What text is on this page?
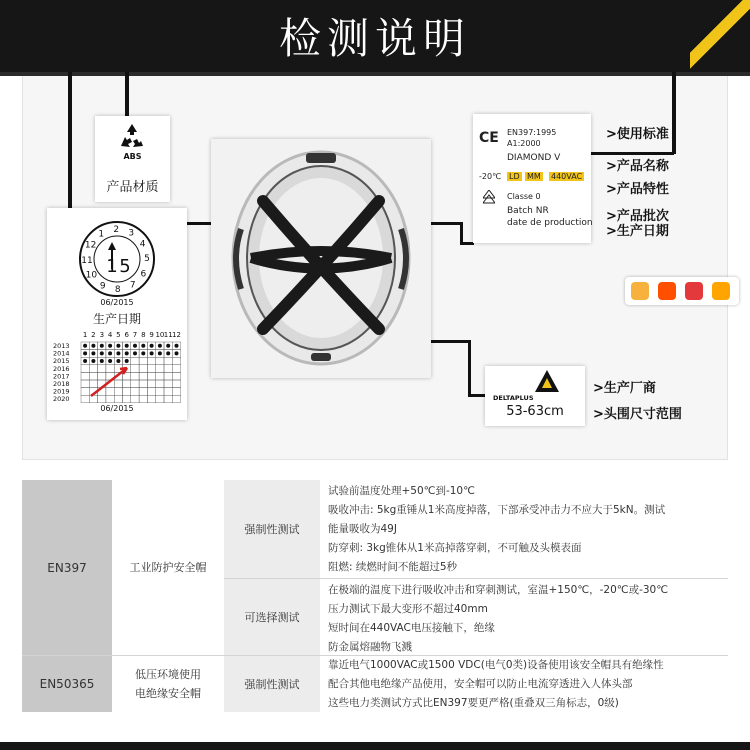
检测说明
ABS
产品材质
1 2 3
4
5
6
7
8
9
10
11
12
1 5
06/2015
生产日期
1 2 3 4 5 6 7 8 9 10 11 12
2013
2014
2015
2016
2017
2018
2019
2020
06/2015
CE EN397:1995
A1:2000
DIAMOND V
-20℃ LD MM 440VAC
Classe 0
Batch NR
date de production
DELTAPLUS
53-63cm
>使用标准
>产品名称
>产品特性
>产品批次
>生产日期
>生产厂商
>头围尺寸范围
EN397	工业防护安全帽
强制性测试
试验前温度处理+50℃到-10℃
吸收冲击: 5kg重锤从1米高度掉落，下部承受冲击力不应大于5kN。测试
能量吸收为49J
防穿刺: 3kg锥体从1米高掉落穿刺，不可触及头模表面
阻燃: 续燃时间不能超过5秒
可选择测试
在极端的温度下进行吸收冲击和穿刺测试，室温+150℃，-20℃或-30℃
压力测试下最大变形不超过40mm
短时间在440VAC电压接触下，绝缘
防金属熔融物飞溅
EN50365
低压环境使用
电绝缘安全帽
强制性测试
靠近电气1000VAC或1500 VDC(电气0类)设备使用该安全帽具有绝缘性
配合其他电绝缘产品使用，安全帽可以防止电流穿透进入人体头部
这些电力类测试方式比EN397要更严格(重叠双三角标志，0级)
